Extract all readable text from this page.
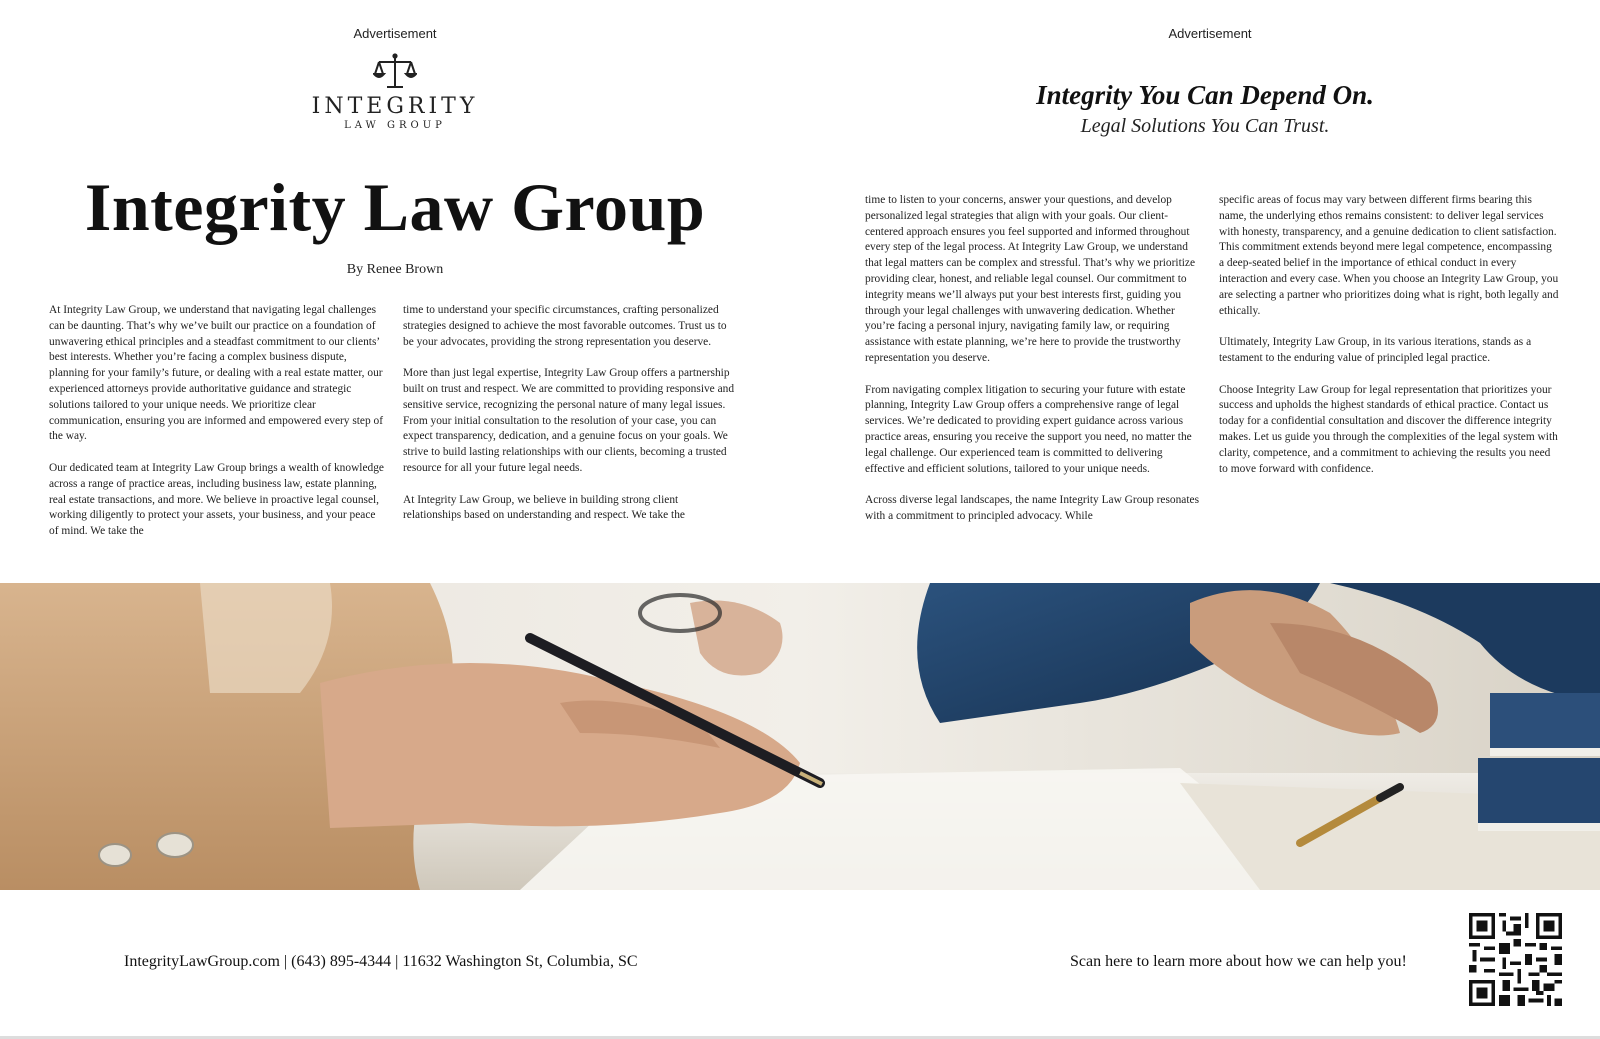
Advertisement	Advertisement
INTEGRITY
LAW GROUP
Integrity You Can Depend On.
Legal Solutions You Can Trust.
Integrity Law Group
By Renee Brown

At Integrity Law Group, we understand that navigating legal challenges can be daunting. That’s why we’ve built our practice on a foundation of unwavering ethical principles and a steadfast commitment to our clients’ best interests. Whether you’re facing a complex business dispute, planning for your family’s future, or dealing with a real estate matter, our experienced attorneys provide authoritative guidance and strategic solutions tailored to your unique needs. We prioritize clear communication, ensuring you are informed and empowered every step of the way.

Our dedicated team at Integrity Law Group brings a wealth of knowledge across a range of practice areas, including business law, estate planning, real estate transactions, and more. We believe in proactive legal counsel, working diligently to protect your assets, your business, and your peace of mind. We take the

time to understand your specific circumstances, crafting personalized strategies designed to achieve the most favorable outcomes. Trust us to be your advocates, providing the strong representation you deserve.

More than just legal expertise, Integrity Law Group offers a partnership built on trust and respect. We are committed to providing responsive and sensitive service, recognizing the personal nature of many legal issues. From your initial consultation to the resolution of your case, you can expect transparency, dedication, and a genuine focus on your goals. We strive to build lasting relationships with our clients, becoming a trusted resource for all your future legal needs.

At Integrity Law Group, we believe in building strong client relationships based on understanding and respect. We take the

time to listen to your concerns, answer your questions, and develop personalized legal strategies that align with your goals. Our client-centered approach ensures you feel supported and informed throughout every step of the legal process. At Integrity Law Group, we understand that legal matters can be complex and stressful. That’s why we prioritize providing clear, honest, and reliable legal counsel. Our commitment to integrity means we’ll always put your best interests first, guiding you through your legal challenges with unwavering dedication. Whether you’re facing a personal injury, navigating family law, or requiring assistance with estate planning, we’re here to provide the trustworthy representation you deserve.

From navigating complex litigation to securing your future with estate planning, Integrity Law Group offers a comprehensive range of legal services. We’re dedicated to providing expert guidance across various practice areas, ensuring you receive the support you need, no matter the legal challenge. Our experienced team is committed to delivering effective and efficient solutions, tailored to your unique needs.

Across diverse legal landscapes, the name Integrity Law Group resonates with a commitment to principled advocacy. While

specific areas of focus may vary between different firms bearing this name, the underlying ethos remains consistent: to deliver legal services with honesty, transparency, and a genuine dedication to client satisfaction. This commitment extends beyond mere legal competence, encompassing a deep-seated belief in the importance of ethical conduct in every interaction and every case. When you choose an Integrity Law Group, you are selecting a partner who prioritizes doing what is right, both legally and ethically.

Ultimately, Integrity Law Group, in its various iterations, stands as a testament to the enduring value of principled legal practice.

Choose Integrity Law Group for legal representation that prioritizes your success and upholds the highest standards of ethical practice. Contact us today for a confidential consultation and discover the difference integrity makes. Let us guide you through the complexities of the legal system with clarity, competence, and a commitment to achieving the results you need to move forward with confidence.

IntegrityLawGroup.com | (643) 895-4344 | 11632 Washington St, Columbia, SC	Scan here to learn more about how we can help you!
